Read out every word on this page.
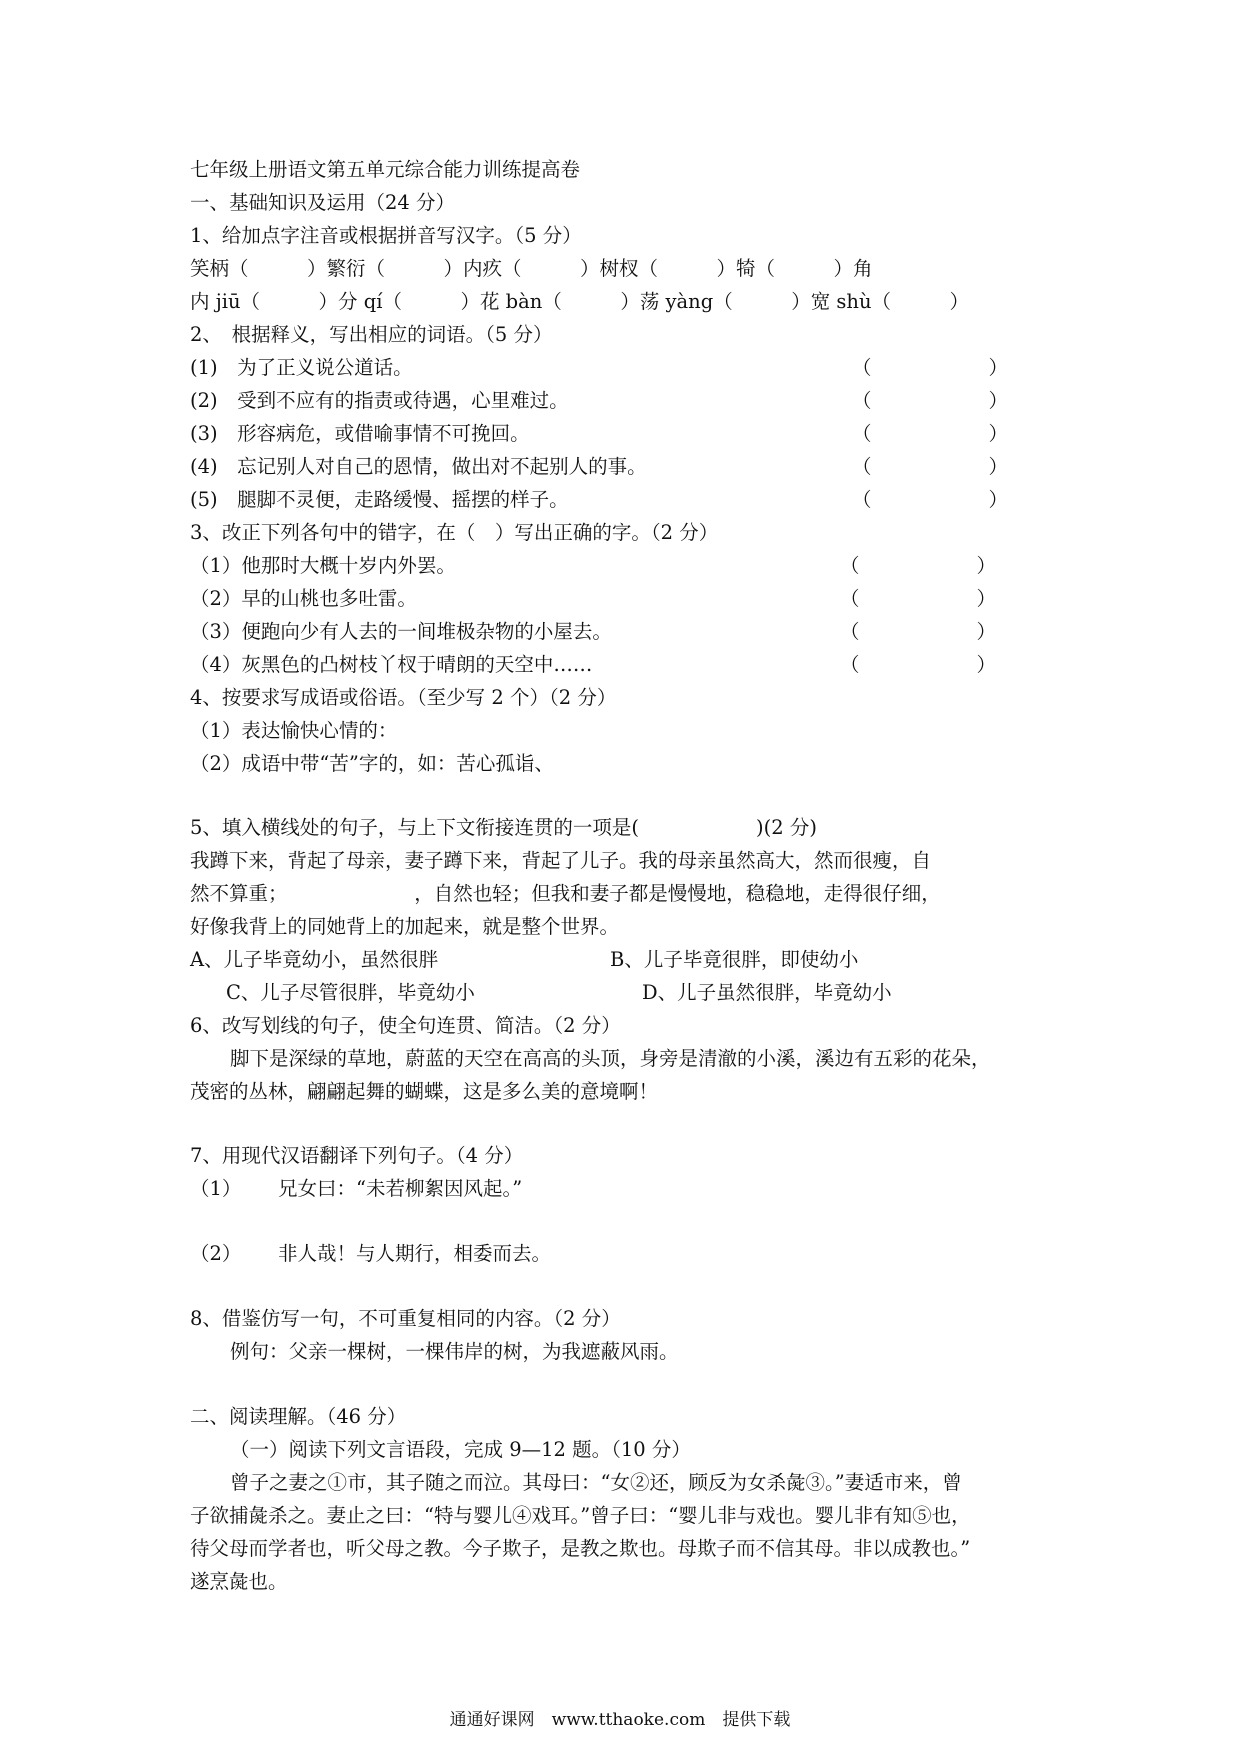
七年级上册语文第五单元综合能力训练提高卷
一、基础知识及运用（24 分）
1、给加点字注音或根据拼音写汉字。（5 分）
笑柄（　　　）繁衍（　　　）内疚（　　　）树杈（　　　）犄（　　　）角
内 jiū（　　　）分 qí（　　　）花 bàn（　　　）荡 yàng（　　　）宽 shù（　　　）
2、　根据释义，写出相应的词语。（5 分）
(1)　为了正义说公道话。	（　　　　　　）
(2)　受到不应有的指责或待遇，心里难过。	（　　　　　　）
(3)　形容病危，或借喻事情不可挽回。	（　　　　　　）
(4)　忘记别人对自己的恩情，做出对不起别人的事。	（　　　　　　）
(5)　腿脚不灵便，走路缓慢、摇摆的样子。	（　　　　　　）
3、改正下列各句中的错字，在（　）写出正确的字。（2 分）
（1）他那时大概十岁内外罢。	（　　　　　　）
（2）早的山桃也多吐雷。	（　　　　　　）
（3）便跑向少有人去的一间堆极杂物的小屋去。	（　　　　　　）
（4）灰黑色的凸树枝丫杈于晴朗的天空中……	（　　　　　　）
4、按要求写成语或俗语。（至少写 2 个）（2 分）
（1）表达愉快心情的：
（2）成语中带“苦”字的，如：苦心孤诣、
5、填入横线处的句子，与上下文衔接连贯的一项是(　　　　　　)(2 分)
我蹲下来，背起了母亲，妻子蹲下来，背起了儿子。我的母亲虽然高大，然而很瘦，自
然不算重；　　　　　　　，自然也轻；但我和妻子都是慢慢地，稳稳地，走得很仔细，
好像我背上的同她背上的加起来，就是整个世界。
A、儿子毕竟幼小，虽然很胖	B、儿子毕竟很胖，即使幼小
C、儿子尽管很胖，毕竟幼小	D、儿子虽然很胖，毕竟幼小
6、改写划线的句子，使全句连贯、简洁。（2 分）
脚下是深绿的草地，蔚蓝的天空在高高的头顶，身旁是清澈的小溪，溪边有五彩的花朵，
茂密的丛林，翩翩起舞的蝴蝶，这是多么美的意境啊！
7、用现代汉语翻译下列句子。（4 分）
（1） 兄女曰：“未若柳絮因风起。”
（2） 非人哉！与人期行，相委而去。
8、借鉴仿写一句，不可重复相同的内容。（2 分）
例句：父亲一棵树，一棵伟岸的树，为我遮蔽风雨。
二、阅读理解。（46 分）
（一）阅读下列文言语段，完成 9—12 题。（10 分）
曾子之妻之①市，其子随之而泣。其母曰：“女②还，顾反为女杀彘③。”妻适市来，曾
子欲捕彘杀之。妻止之曰：“特与婴儿④戏耳。”曾子曰：“婴儿非与戏也。婴儿非有知⑤也，
待父母而学者也，听父母之教。今子欺子，是教之欺也。母欺子而不信其母。非以成教也。”
遂烹彘也。
通通好课网　www.tthaoke.com　提供下载
